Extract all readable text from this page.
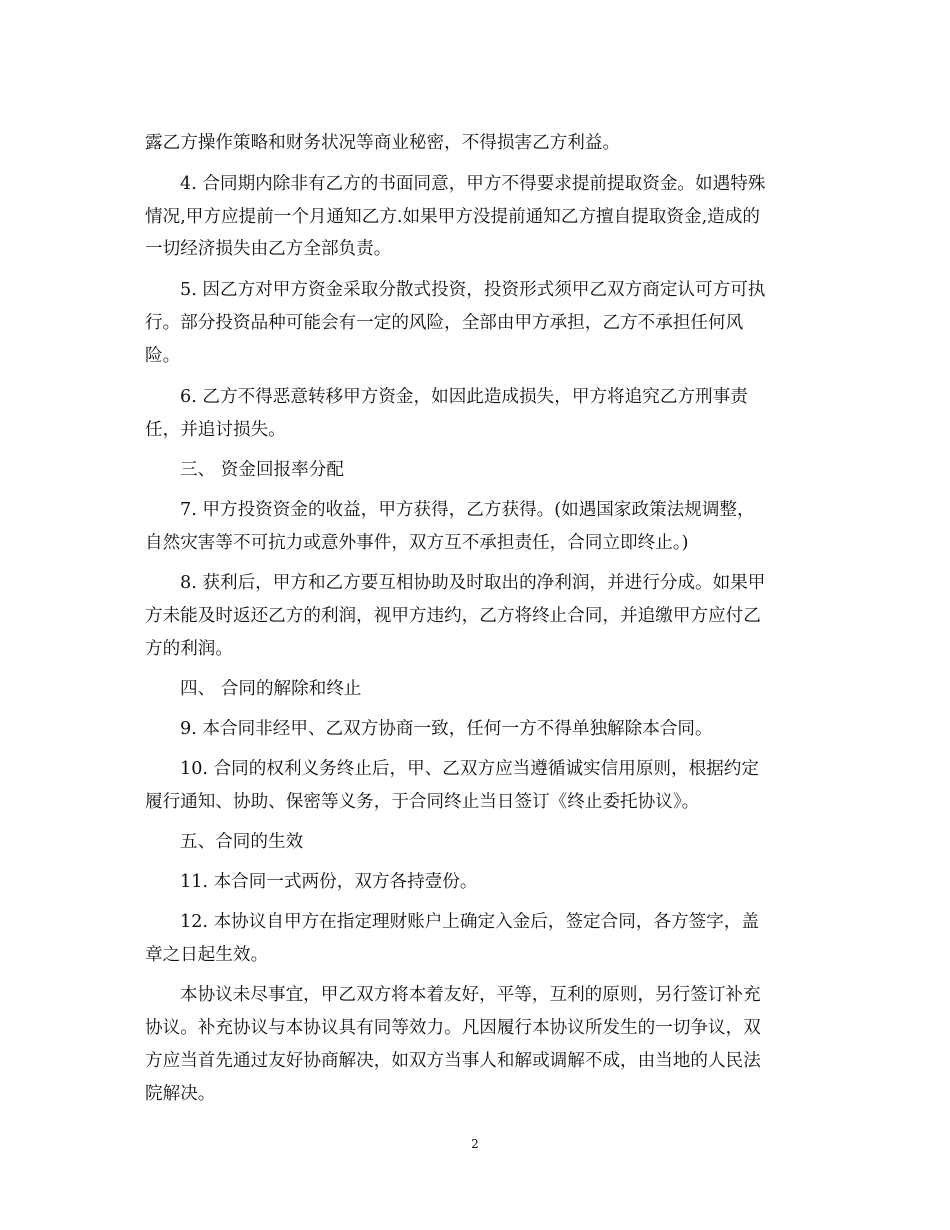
露乙方操作策略和财务状况等商业秘密，不得损害乙方利益。
4. 合同期内除非有乙方的书面同意，甲方不得要求提前提取资金。如遇特殊
情况,甲方应提前一个月通知乙方.如果甲方没提前通知乙方擅自提取资金,造成的
一切经济损失由乙方全部负责。
5. 因乙方对甲方资金采取分散式投资，投资形式须甲乙双方商定认可方可执
行。部分投资品种可能会有一定的风险，全部由甲方承担，乙方不承担任何风
险。
6. 乙方不得恶意转移甲方资金，如因此造成损失，甲方将追究乙方刑事责
任，并追讨损失。
三、 资金回报率分配
7. 甲方投资资金的收益，甲方获得，乙方获得。(如遇国家政策法规调整，
自然灾害等不可抗力或意外事件，双方互不承担责任，合同立即终止。)
8. 获利后，甲方和乙方要互相协助及时取出的净利润，并进行分成。如果甲
方未能及时返还乙方的利润，视甲方违约，乙方将终止合同，并追缴甲方应付乙
方的利润。
四、 合同的解除和终止
9. 本合同非经甲、乙双方协商一致，任何一方不得单独解除本合同。
10. 合同的权利义务终止后，甲、乙双方应当遵循诚实信用原则，根据约定
履行通知、协助、保密等义务，于合同终止当日签订《终止委托协议》。
五、合同的生效
11. 本合同一式两份，双方各持壹份。
12. 本协议自甲方在指定理财账户上确定入金后，签定合同，各方签字，盖
章之日起生效。
本协议未尽事宜，甲乙双方将本着友好，平等，互利的原则，另行签订补充
协议。补充协议与本协议具有同等效力。凡因履行本协议所发生的一切争议，双
方应当首先通过友好协商解决，如双方当事人和解或调解不成，由当地的人民法
院解决。
2
